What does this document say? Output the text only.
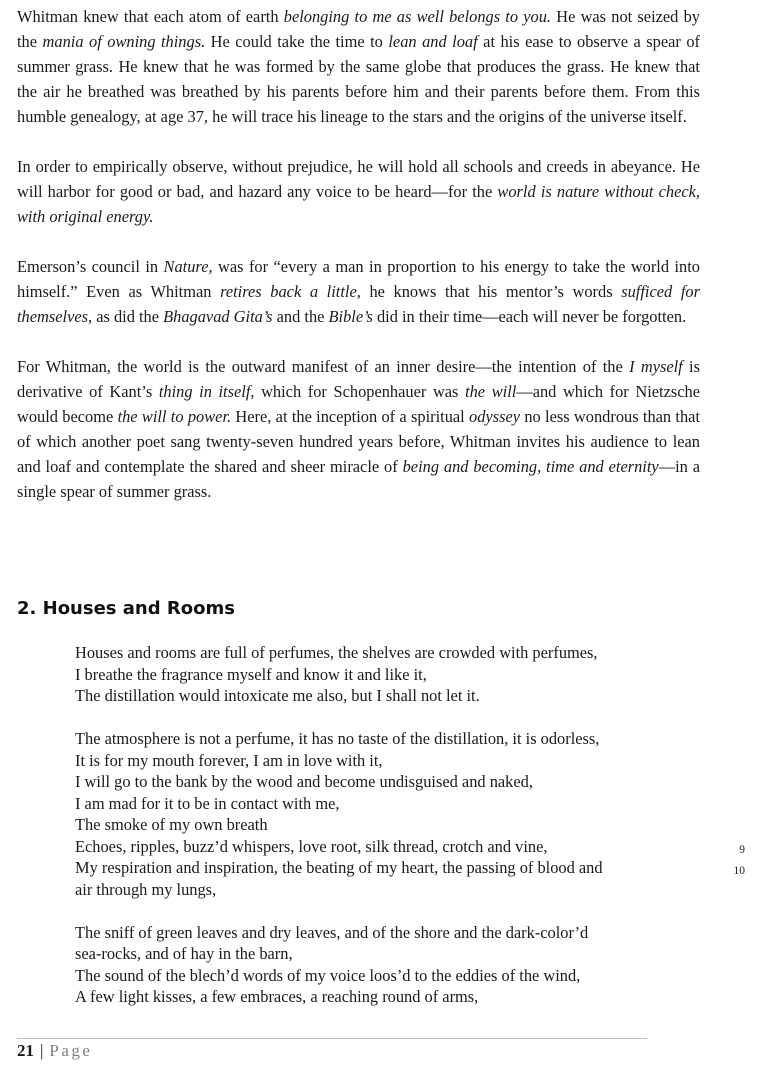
Whitman knew that each atom of earth belonging to me as well belongs to you. He was not seized by the mania of owning things. He could take the time to lean and loaf at his ease to observe a spear of summer grass. He knew that he was formed by the same globe that produces the grass. He knew that the air he breathed was breathed by his parents before him and their parents before them. From this humble genealogy, at age 37, he will trace his lineage to the stars and the origins of the universe itself.

In order to empirically observe, without prejudice, he will hold all schools and creeds in abeyance. He will harbor for good or bad, and hazard any voice to be heard—for the world is nature without check, with original energy.

Emerson’s council in Nature, was for “every a man in proportion to his energy to take the world into himself.” Even as Whitman retires back a little, he knows that his mentor’s words sufficed for themselves, as did the Bhagavad Gita’s and the Bible’s did in their time—each will never be forgotten.

For Whitman, the world is the outward manifest of an inner desire—the intention of the I myself is derivative of Kant’s thing in itself, which for Schopenhauer was the will—and which for Nietzsche would become the will to power. Here, at the inception of a spiritual odyssey no less wondrous than that of which another poet sang twenty-seven hundred years before, Whitman invites his audience to lean and loaf and contemplate the shared and sheer miracle of being and becoming, time and eternity—in a single spear of summer grass.

2. Houses and Rooms
Houses and rooms are full of perfumes, the shelves are crowded with perfumes,
I breathe the fragrance myself and know it and like it,
The distillation would intoxicate me also, but I shall not let it.
The atmosphere is not a perfume, it has no taste of the distillation, it is odorless,
It is for my mouth forever, I am in love with it,
I will go to the bank by the wood and become undisguised and naked,
I am mad for it to be in contact with me,
The smoke of my own breath
Echoes, ripples, buzz’d whispers, love root, silk thread, crotch and vine,
My respiration and inspiration, the beating of my heart, the passing of blood and
air through my lungs,
The sniff of green leaves and dry leaves, and of the shore and the dark-color’d
sea-rocks, and of hay in the barn,
The sound of the blech’d words of my voice loos’d to the eddies of the wind,
A few light kisses, a few embraces, a reaching round of arms,
9
10
21 | Page
